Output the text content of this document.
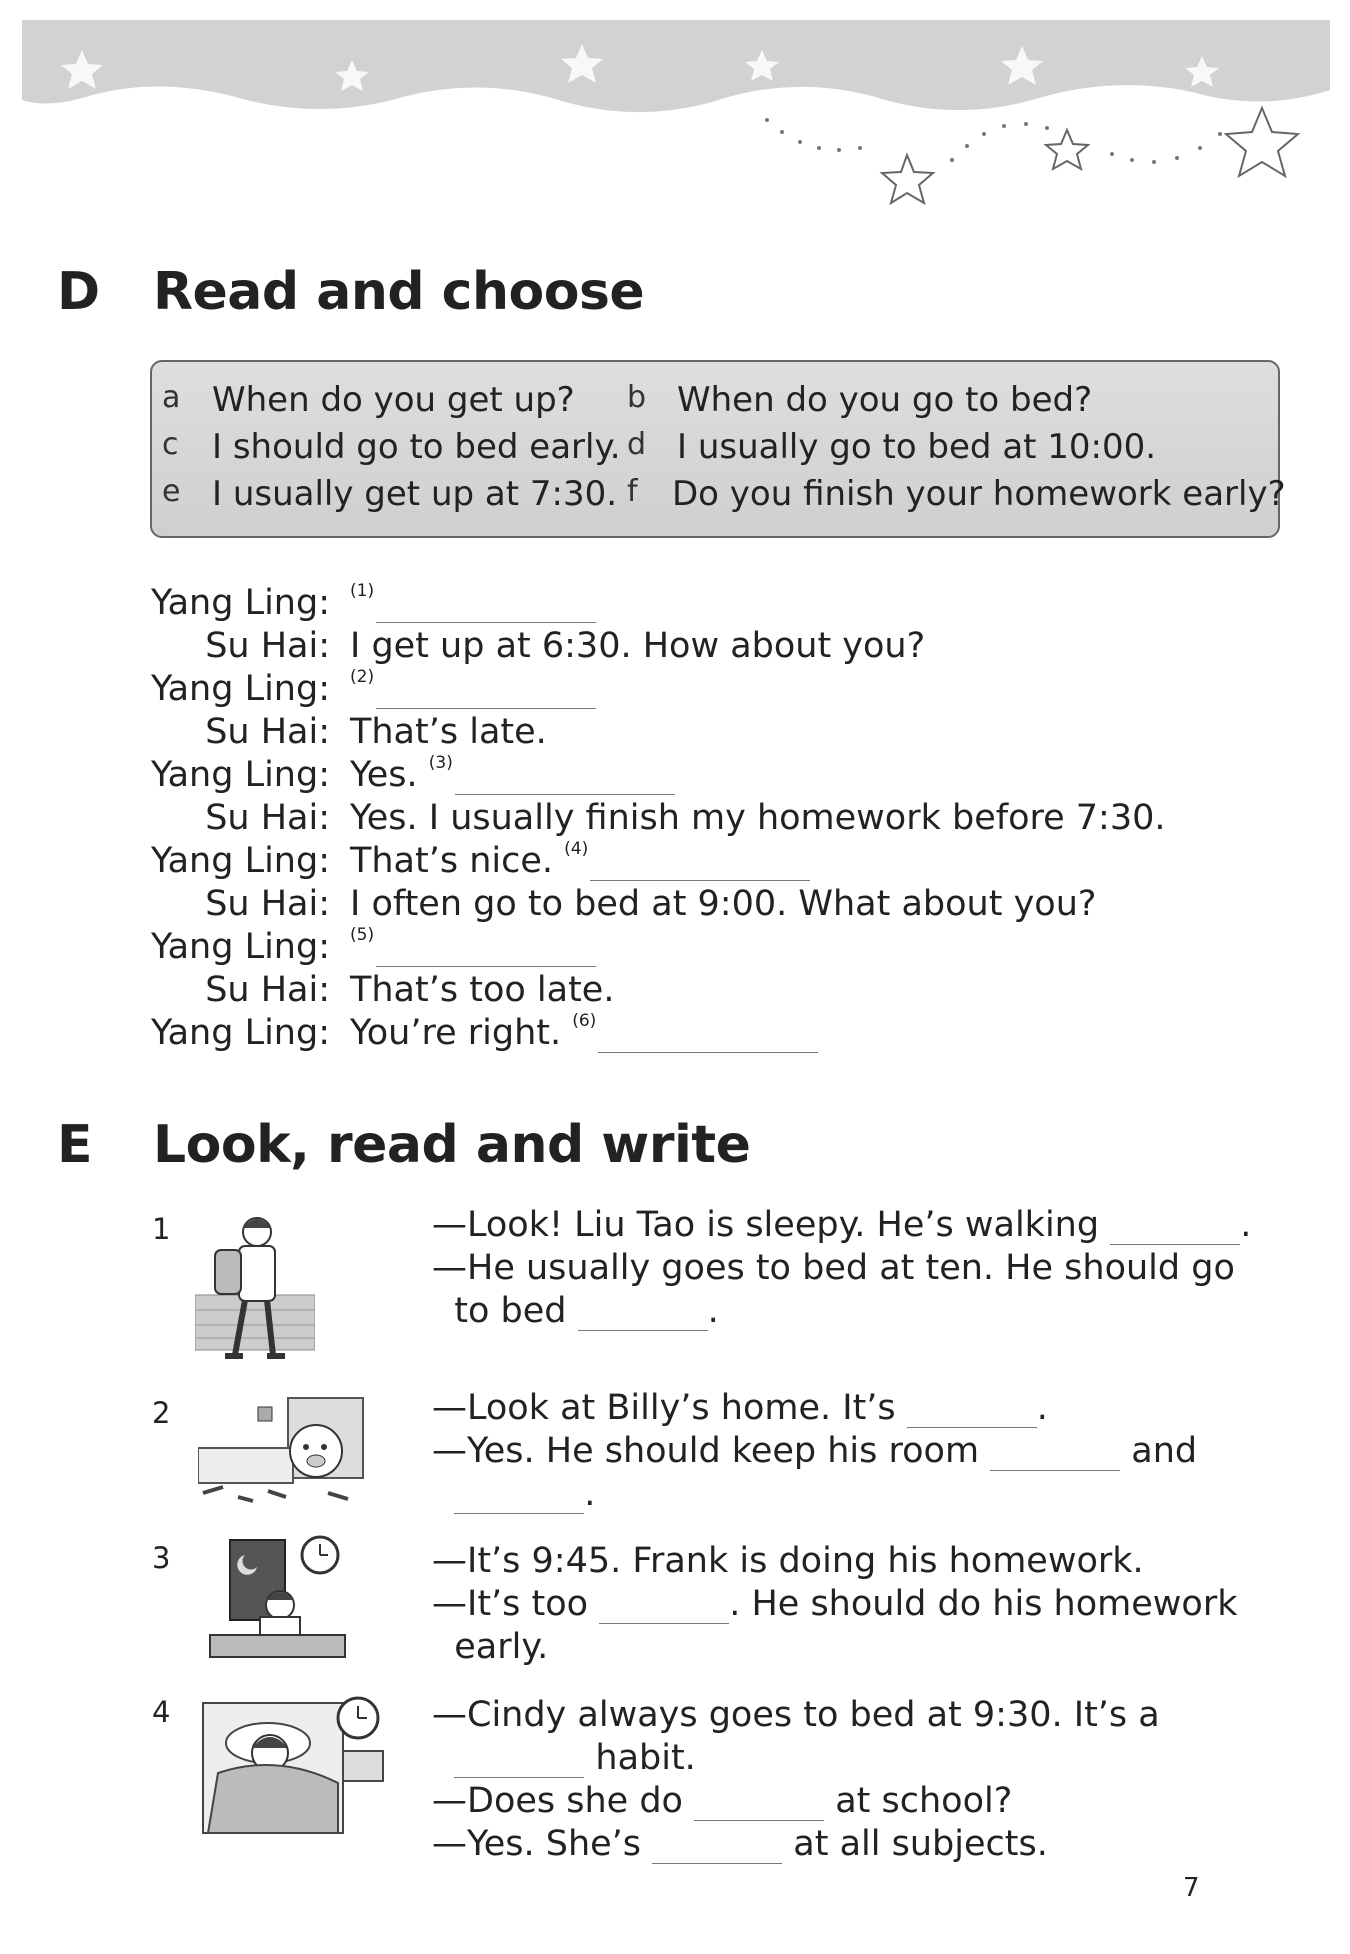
D	Read and choose
a When do you get up? b When do you go to bed?
c I should go to bed early. d I usually go to bed at 10:00.
e I usually get up at 7:30. f Do you finish your homework early?
Yang Ling: $^{(1)}$
Su Hai: I get up at 6:30. How about you?
Yang Ling: $^{(2)}$
Su Hai: That’s late.
Yang Ling: Yes. $^{(3)}$
Su Hai: Yes. I usually finish my homework before 7:30.
Yang Ling: That’s nice. $^{(4)}$
Su Hai: I often go to bed at 9:00. What about you?
Yang Ling: $^{(5)}$
Su Hai: That’s too late.
Yang Ling: You’re right. $^{(6)}$
E	Look, read and write
1	—Look! Liu Tao is sleepy. He’s walking	.
—He usually goes to bed at ten. He should go
to bed	.
2	—Look at Billy’s home. It’s	.
—Yes. He should keep his room	and
.
3	—It’s 9:45. Frank is doing his homework.
—It’s too	. He should do his homework
early.
4	—Cindy always goes to bed at 9:30. It’s a
habit.
—Does she do	at school?
—Yes. She’s	at all subjects.
7
